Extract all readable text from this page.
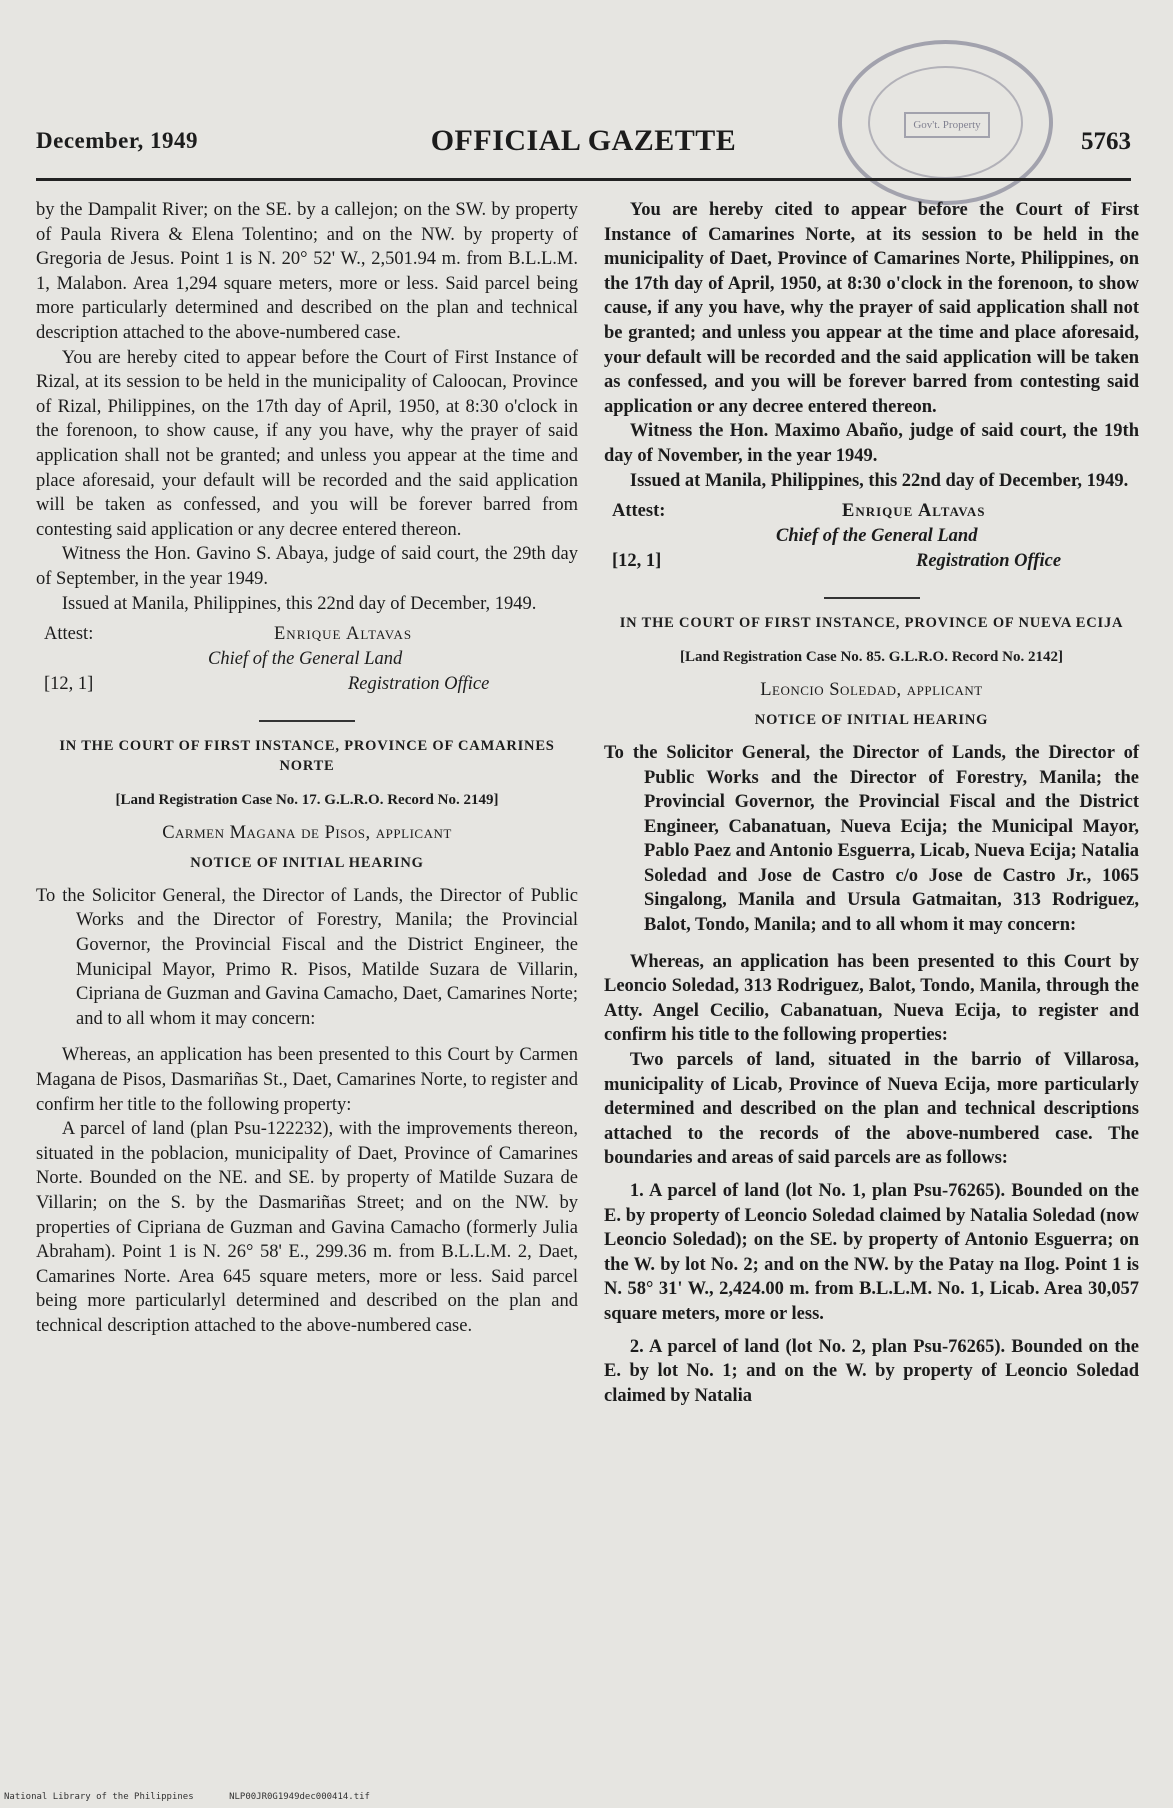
Gov't. Property
December, 1949	OFFICIAL GAZETTE	5763

by the Dampalit River; on the SE. by a callejon; on the SW. by property of Paula Rivera & Elena Tolentino; and on the NW. by property of Gregoria de Jesus. Point 1 is N. 20° 52' W., 2,501.94 m. from B.L.L.M. 1, Malabon. Area 1,294 square meters, more or less. Said parcel being more particularly determined and described on the plan and technical description attached to the above-numbered case.

You are hereby cited to appear before the Court of First Instance of Rizal, at its session to be held in the municipality of Caloocan, Province of Rizal, Philippines, on the 17th day of April, 1950, at 8:30 o'clock in the forenoon, to show cause, if any you have, why the prayer of said application shall not be granted; and unless you appear at the time and place aforesaid, your default will be recorded and the said application will be taken as confessed, and you will be forever barred from contesting said application or any decree entered thereon.

Witness the Hon. Gavino S. Abaya, judge of said court, the 29th day of September, in the year 1949.

Issued at Manila, Philippines, this 22nd day of December, 1949.

Attest:	Enrique Altavas
Chief of the General Land
[12, 1]	Registration Office
IN THE COURT OF FIRST INSTANCE, PROVINCE OF CAMARINES NORTE
[Land Registration Case No. 17. G.L.R.O. Record No. 2149]
Carmen Magana de Pisos, applicant
NOTICE OF INITIAL HEARING

To the Solicitor General, the Director of Lands, the Director of Public Works and the Director of Forestry, Manila; the Provincial Governor, the Provincial Fiscal and the District Engineer, the Municipal Mayor, Primo R. Pisos, Matilde Suzara de Villarin, Cipriana de Guzman and Gavina Camacho, Daet, Camarines Norte; and to all whom it may concern:

Whereas, an application has been presented to this Court by Carmen Magana de Pisos, Dasmariñas St., Daet, Camarines Norte, to register and confirm her title to the following property:

A parcel of land (plan Psu-122232), with the improvements thereon, situated in the poblacion, municipality of Daet, Province of Camarines Norte. Bounded on the NE. and SE. by property of Matilde Suzara de Villarin; on the S. by the Dasmariñas Street; and on the NW. by properties of Cipriana de Guzman and Gavina Camacho (formerly Julia Abraham). Point 1 is N. 26° 58' E., 299.36 m. from B.L.L.M. 2, Daet, Camarines Norte. Area 645 square meters, more or less. Said parcel being more particularlyl determined and described on the plan and technical description attached to the above-numbered case.

You are hereby cited to appear before the Court of First Instance of Camarines Norte, at its session to be held in the municipality of Daet, Province of Camarines Norte, Philippines, on the 17th day of April, 1950, at 8:30 o'clock in the forenoon, to show cause, if any you have, why the prayer of said application shall not be granted; and unless you appear at the time and place aforesaid, your default will be recorded and the said application will be taken as confessed, and you will be forever barred from contesting said application or any decree entered thereon.

Witness the Hon. Maximo Abaño, judge of said court, the 19th day of November, in the year 1949.

Issued at Manila, Philippines, this 22nd day of December, 1949.

Attest:	Enrique Altavas
Chief of the General Land
[12, 1]	Registration Office
IN THE COURT OF FIRST INSTANCE, PROVINCE OF NUEVA ECIJA
[Land Registration Case No. 85. G.L.R.O. Record No. 2142]
Leoncio Soledad, applicant
NOTICE OF INITIAL HEARING

To the Solicitor General, the Director of Lands, the Director of Public Works and the Director of Forestry, Manila; the Provincial Governor, the Provincial Fiscal and the District Engineer, Cabanatuan, Nueva Ecija; the Municipal Mayor, Pablo Paez and Antonio Esguerra, Licab, Nueva Ecija; Natalia Soledad and Jose de Castro c/o Jose de Castro Jr., 1065 Singalong, Manila and Ursula Gatmaitan, 313 Rodriguez, Balot, Tondo, Manila; and to all whom it may concern:

Whereas, an application has been presented to this Court by Leoncio Soledad, 313 Rodriguez, Balot, Tondo, Manila, through the Atty. Angel Cecilio, Cabanatuan, Nueva Ecija, to register and confirm his title to the following properties:

Two parcels of land, situated in the barrio of Villarosa, municipality of Licab, Province of Nueva Ecija, more particularly determined and described on the plan and technical descriptions attached to the records of the above-numbered case. The boundaries and areas of said parcels are as follows:

1. A parcel of land (lot No. 1, plan Psu-76265). Bounded on the E. by property of Leoncio Soledad claimed by Natalia Soledad (now Leoncio Soledad); on the SE. by property of Antonio Esguerra; on the W. by lot No. 2; and on the NW. by the Patay na Ilog. Point 1 is N. 58° 31' W., 2,424.00 m. from B.L.L.M. No. 1, Licab. Area 30,057 square meters, more or less.

2. A parcel of land (lot No. 2, plan Psu-76265). Bounded on the E. by lot No. 1; and on the W. by property of Leoncio Soledad claimed by Natalia

National Library of the Philippines	NLP00JR0G1949dec000414.tif
